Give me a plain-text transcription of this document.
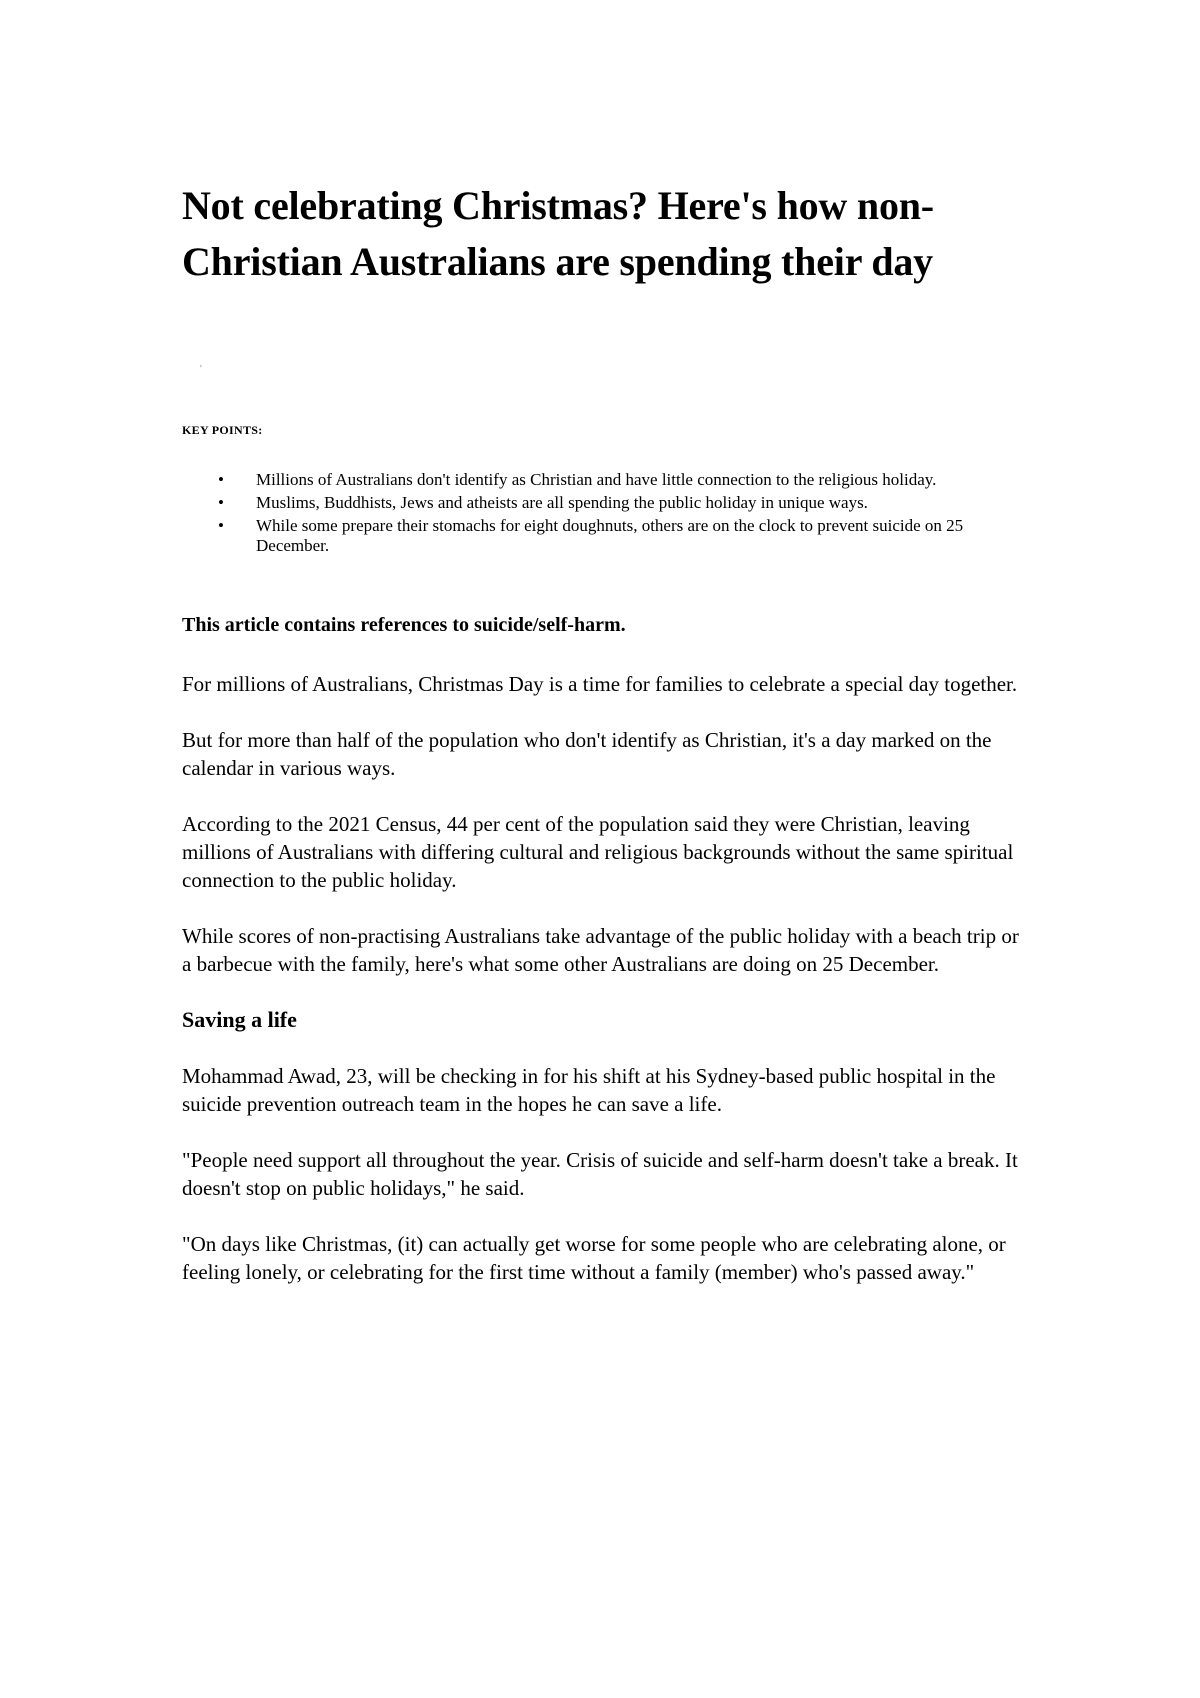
Not celebrating Christmas? Here's how non-Christian Australians are spending their day
'
KEY POINTS:
• Millions of Australians don't identify as Christian and have little connection to the religious holiday.
• Muslims, Buddhists, Jews and atheists are all spending the public holiday in unique ways.
• While some prepare their stomachs for eight doughnuts, others are on the clock to prevent suicide on 25 December.
This article contains references to suicide/self-harm.

For millions of Australians, Christmas Day is a time for families to celebrate a special day together.

But for more than half of the population who don't identify as Christian, it's a day marked on the calendar in various ways.

According to the 2021 Census, 44 per cent of the population said they were Christian, leaving millions of Australians with differing cultural and religious backgrounds without the same spiritual connection to the public holiday.

While scores of non-practising Australians take advantage of the public holiday with a beach trip or a barbecue with the family, here's what some other Australians are doing on 25 December.

Saving a life

Mohammad Awad, 23, will be checking in for his shift at his Sydney-based public hospital in the suicide prevention outreach team in the hopes he can save a life.

"People need support all throughout the year. Crisis of suicide and self-harm doesn't take a break. It doesn't stop on public holidays," he said.

"On days like Christmas, (it) can actually get worse for some people who are celebrating alone, or feeling lonely, or celebrating for the first time without a family (member) who's passed away."
